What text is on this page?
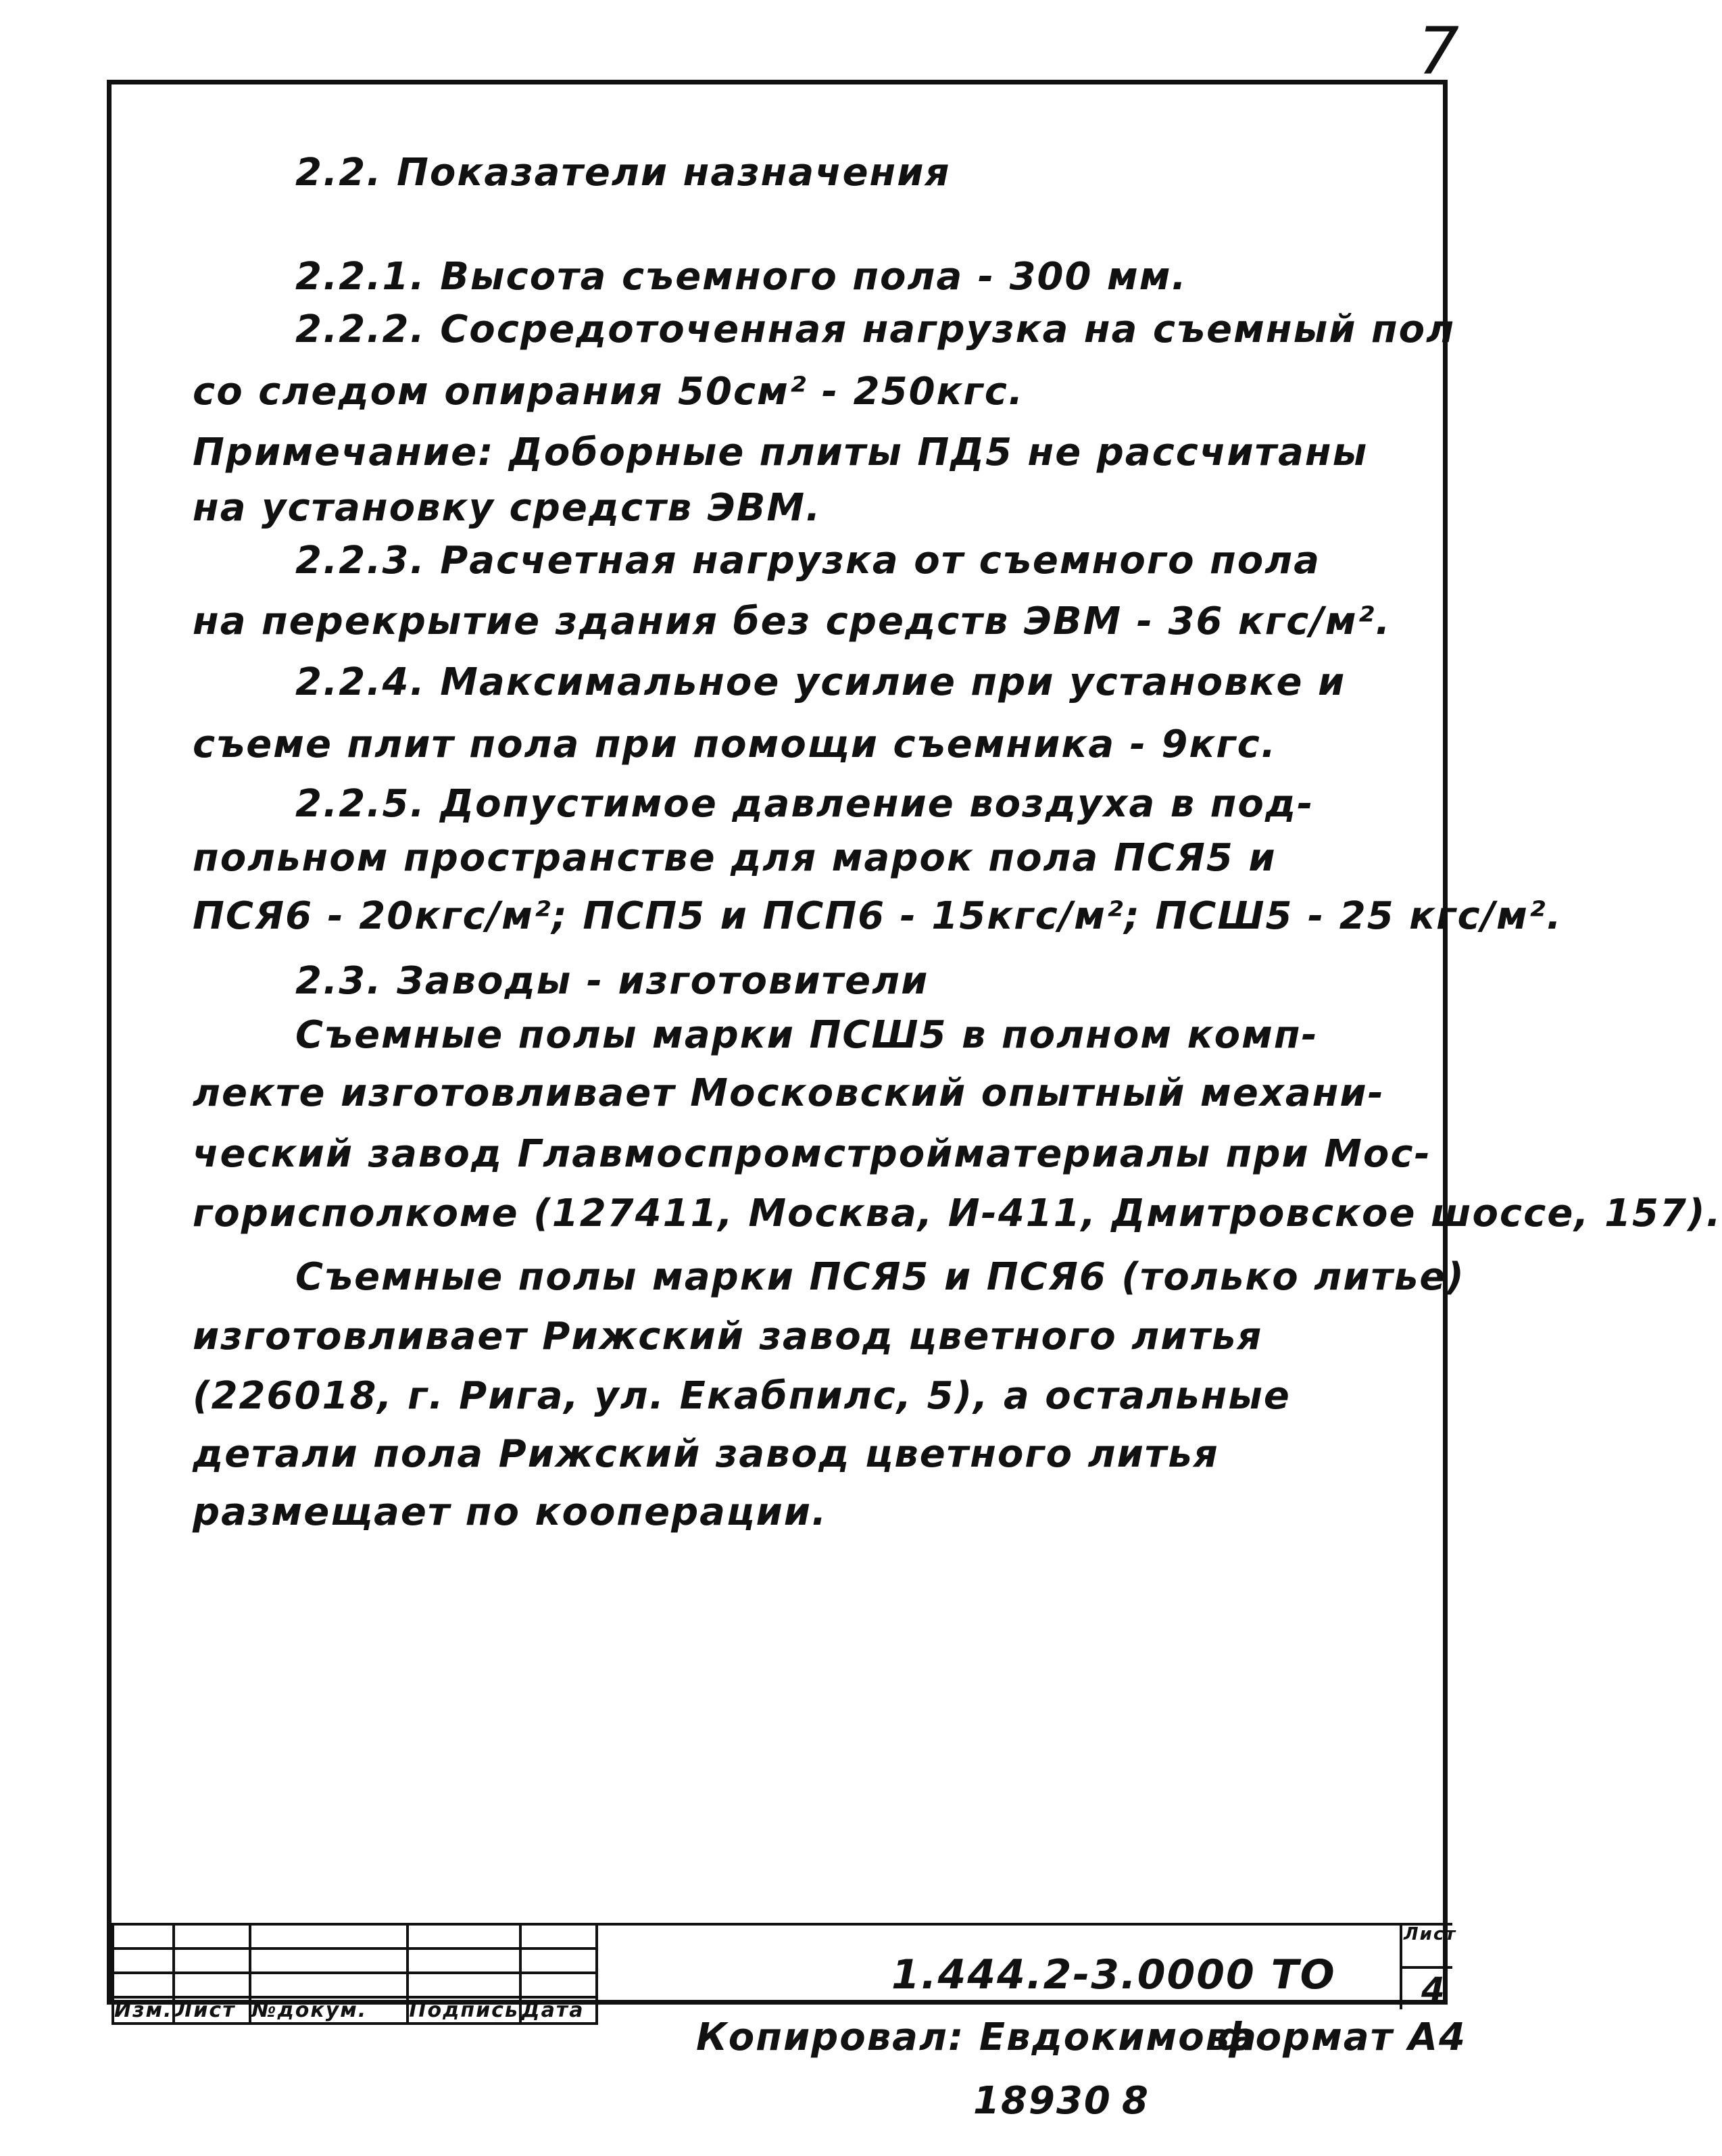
7
2.2. Показатели назначения
2.2.1. Высота съемного пола - 300 мм.
2.2.2. Сосредоточенная нагрузка на съемный пол
со следом опирания 50см² - 250кгс.
Примечание: Доборные плиты ПД5 не рассчитаны
на установку средств ЭВМ.
2.2.3. Расчетная нагрузка от съемного пола
на перекрытие здания без средств ЭВМ - 36 кгс/м².
2.2.4. Максимальное усилие при установке и
съеме плит пола при помощи съемника - 9кгс.
2.2.5. Допустимое давление воздуха в под-
польном пространстве для марок пола ПСЯ5 и
ПСЯ6 - 20кгс/м²; ПСП5 и ПСП6 - 15кгс/м²; ПСШ5 - 25 кгс/м².
2.3. Заводы - изготовители
Съемные полы марки ПСШ5 в полном комп-
лекте изготовливает Московский опытный механи-
ческий завод Главмоспромстройматериалы при Мос-
горисполкоме (127411, Москва, И-411, Дмитровское шоссе, 157).
Съемные полы марки ПСЯ5 и ПСЯ6 (только литье)
изготовливает Рижский завод цветного литья
(226018, г. Рига, ул. Екабпилс, 5), а остальные
детали пола Рижский завод цветного литья
размещает по кооперации.

Изм.	Лист	№докум.	Подпись	Дата
1.444.2-3.0000 ТО
Лист
4
Копировал: Евдокимова
формат А4
18930 8
